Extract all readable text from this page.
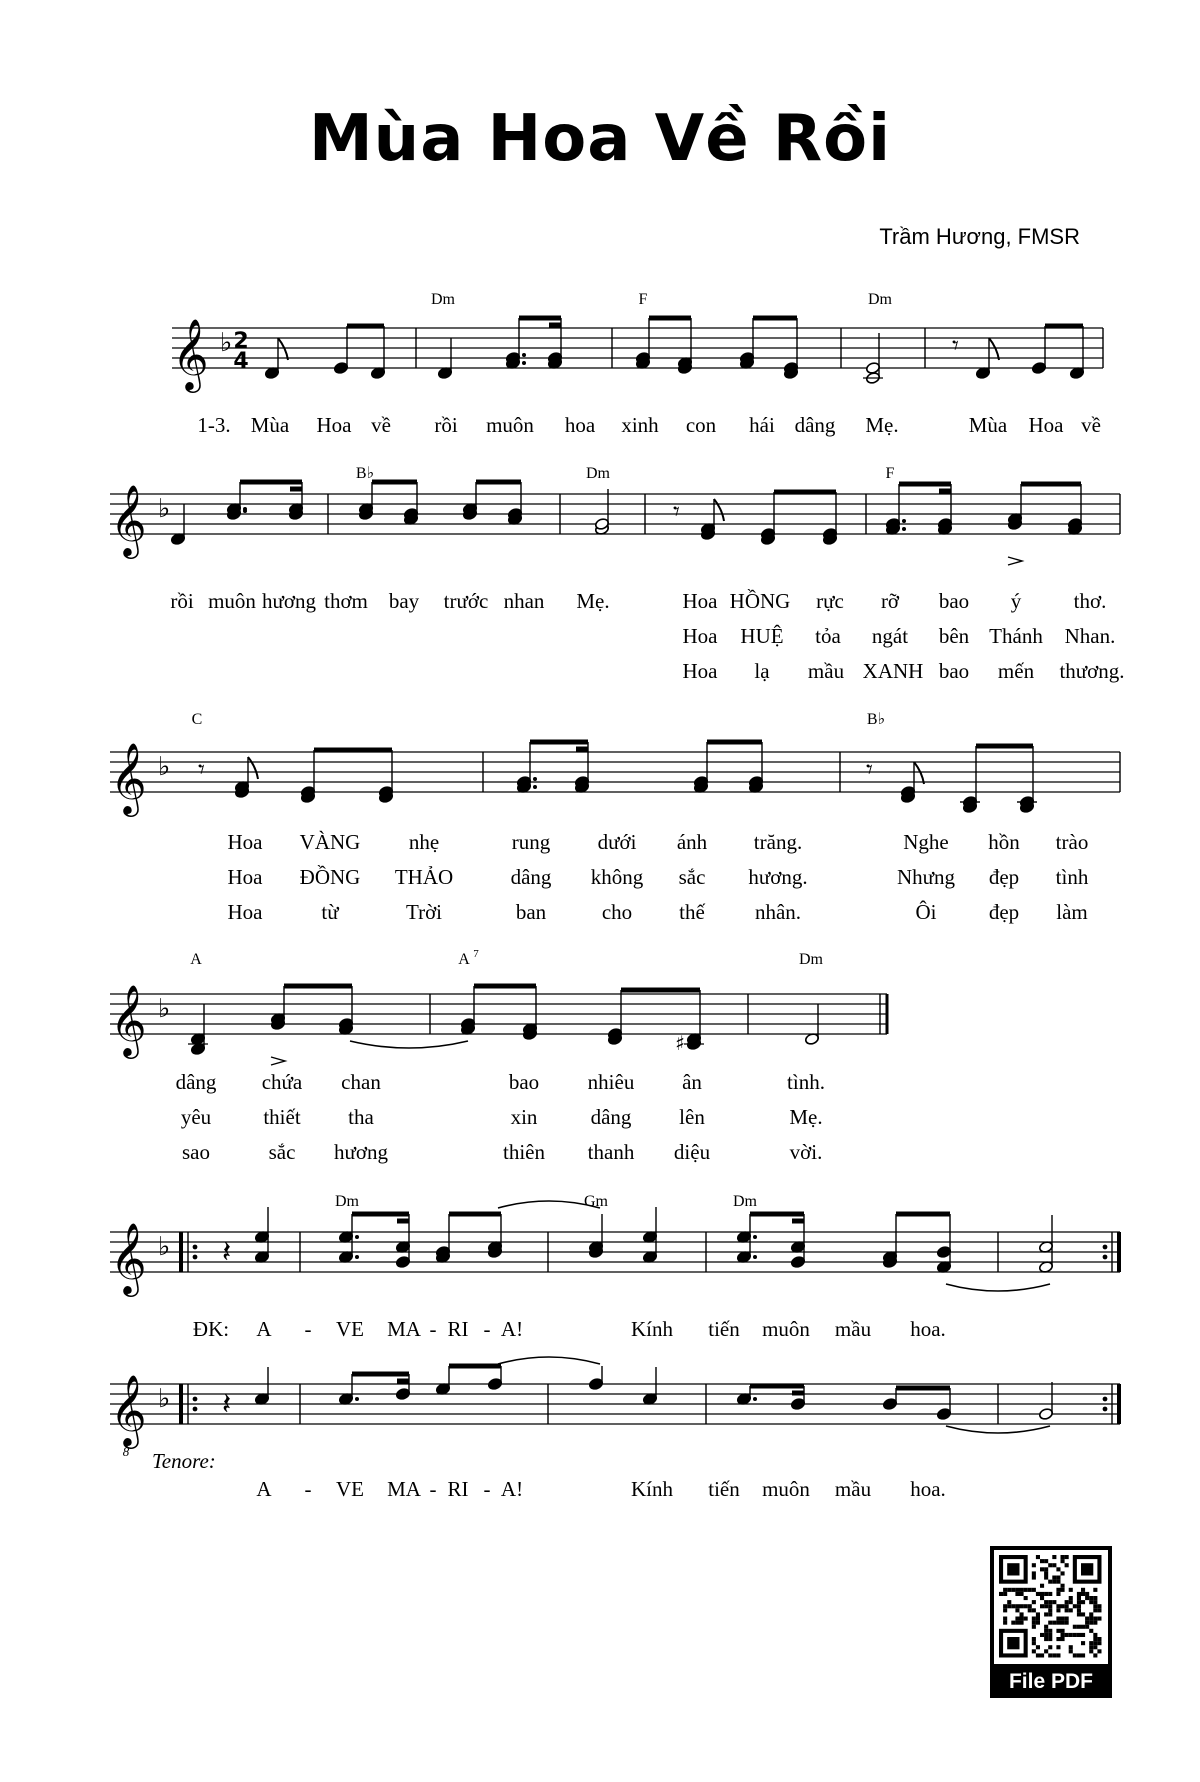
Mùa Hoa Về Rồi
Trầm Hương, FMSR
𝄞 ♭ 2
4
𝄾
Dm	F	Dm
1-3. Mùa Hoa về rồi muôn hoa xinh con hái dâng Mẹ.	Mùa Hoa về
𝄞 ♭	𝄾
B♭	Dm	F
rồi muôn hương thơm bay trước nhan Mẹ.	Hoa HỒNG rực rỡ bao ý thơ.
Hoa HUỆ tỏa ngát bên Thánh Nhan.
Hoa lạ mầu XANH bao mến thương.
𝄞 ♭ 𝄾	𝄾
C	B♭
Hoa VÀNG nhẹ	rung dưới ánh trăng.	Nghe hồn trào
Hoa ĐỒNG THẢO	dâng không sắc hương.	Nhưng đẹp tình
Hoa	từ	Trời	ban	cho thế nhân.	Ôi đẹp làm
𝄞 ♭
♯
A	A 7	Dm
dâng chứa chan	bao nhiêu ân	tình.
yêu thiết tha	xin	dâng lên	Mẹ.
sao	sắc hương	thiên thanh diệu	vời.
𝄞 ♭ 𝄽
𝄞 ♭ 𝄽
8 Tenore:
Dm	Gm	Dm
ĐK: A - VE MA - RI - A!	Kính tiến muôn mầu hoa.
A - VE MA - RI - A!	Kính tiến muôn mầu hoa.
File PDF
